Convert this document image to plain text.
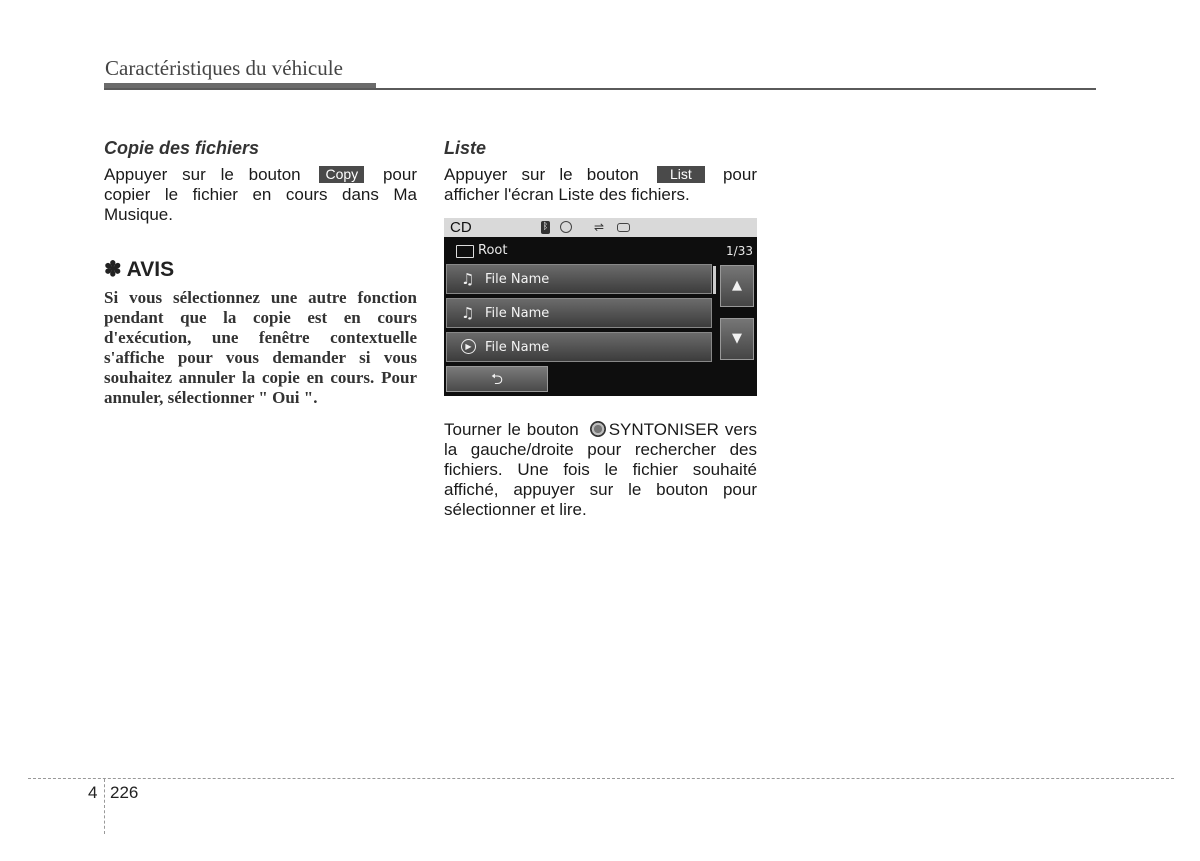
Caractéristiques du véhicule
Copie des fichiers

Appuyer sur le bouton Copy pour copier le fichier en cours dans Ma Musique.

✽ AVIS

Si vous sélectionnez une autre fonction pendant que la copie est en cours d'exécution, une fenêtre contextuelle s'affiche pour vous demander si vous souhaitez annuler la copie en cours. Pour annuler, sélectionner " Oui ".

Liste

Appuyer sur le bouton List pour afficher l'écran Liste des fichiers.

CD	ᛒ	⇌
Root	1/33
♫ File Name
♫ File Name
▶	File Name
▲
▼
⮌

Tourner le bouton SYNTONISER vers la gauche/droite pour rechercher des fichiers. Une fois le fichier souhaité affiché, appuyer sur le bouton pour sélectionner et lire.

4 226
